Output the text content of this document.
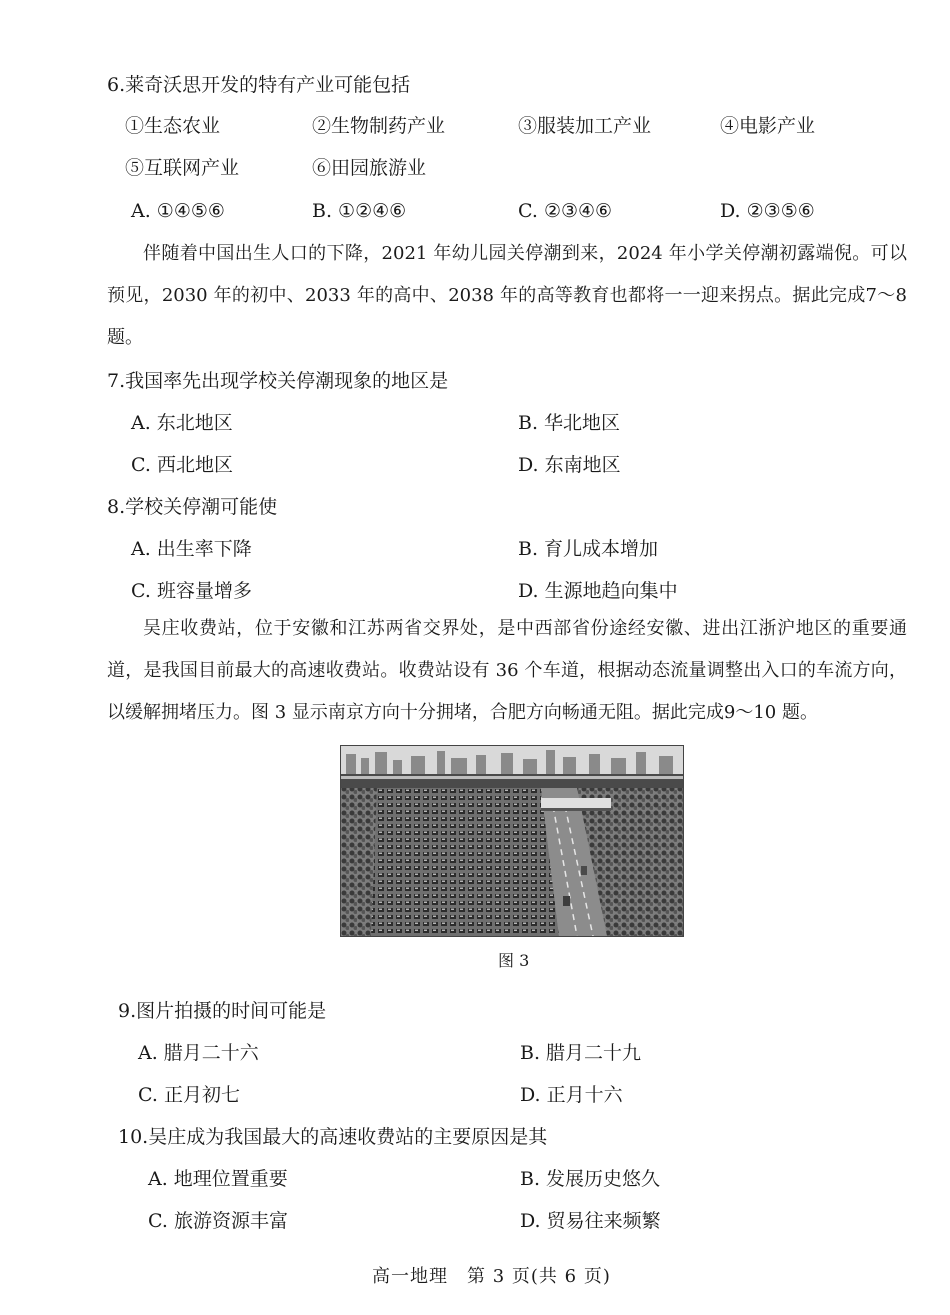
6.莱奇沃思开发的特有产业可能包括
①生态农业	②生物制药产业	③服装加工产业	④电影产业
⑤互联网产业	⑥田园旅游业
A. ①④⑤⑥	B. ①②④⑥	C. ②③④⑥	D. ②③⑤⑥
伴随着中国出生人口的下降，2021 年幼儿园关停潮到来，2024 年小学关停潮初露端倪。可以预见，2030 年的初中、2033 年的高中、2038 年的高等教育也都将一一迎来拐点。据此完成7～8 题。
7.我国率先出现学校关停潮现象的地区是
A. 东北地区	B. 华北地区
C. 西北地区	D. 东南地区
8.学校关停潮可能使
A. 出生率下降	B. 育儿成本增加
C. 班容量增多	D. 生源地趋向集中
吴庄收费站，位于安徽和江苏两省交界处，是中西部省份途经安徽、进出江浙沪地区的重要通道，是我国目前最大的高速收费站。收费站设有 36 个车道，根据动态流量调整出入口的车流方向，以缓解拥堵压力。图 3 显示南京方向十分拥堵，合肥方向畅通无阻。据此完成9～10 题。
图 3
9.图片拍摄的时间可能是
A. 腊月二十六	B. 腊月二十九
C. 正月初七	D. 正月十六
10.吴庄成为我国最大的高速收费站的主要原因是其
A. 地理位置重要	B. 发展历史悠久
C. 旅游资源丰富	D. 贸易往来频繁
高一地理　第 3 页(共 6 页)
